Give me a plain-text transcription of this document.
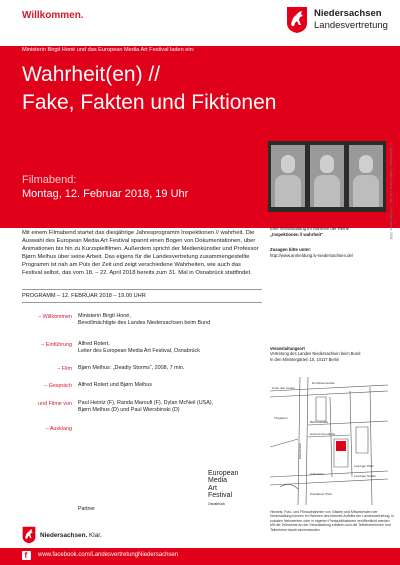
Willkommen.	Niedersachsen
Landesvertretung
Ministerin Birgit Honé und das European Media Art Festival laden ein:
Wahrheit(en) //
Fake, Fakten und Fiktionen
Filmabend:
Montag, 12. Februar 2018, 19 Uhr	© Bjørn Melhus: Deadly Storms, Film still, © Presse Melhus, 2008
Mit einem Filmabend startet das diesjährige Jahresprogramm Inspektionen // wahrheit. Die Auswahl des European Media Art Festival spannt einen Bogen von Dokumentationen, über Animationen bis hin zu Kurzspielfilmen. Außerdem spricht der Medienkünstler und Professor Bjørn Melhus über seine Arbeit. Das eigens für die Landesvertretung zusammengestellte Programm ist nah am Puls der Zeit und zeigt verschiedene Wahrheiten, wie auch das Festival selbst, das vom 18. – 22. April 2018 bereits zum 31. Mal in Osnabrück stattfindet.
PROGRAMM – 12. FEBRUAR 2018 – 19.00 UHR
– Willkommen Ministerin Birgit Honé,
Bevollmächtigte des Landes Niedersachsen beim Bund
– Einführung Alfred Rotert,
Leiter des European Media Art Festival, Osnabrück
– Film Bjørn Melhus: „Deadly Storms“, 2008, 7 min.
– Gespräch Alfred Rotert und Bjørn Melhus
und Filme von Paul Heintz (F), Randa Maroufi (F), Dylan McNeil (USA),
Bjørn Melhus (D) und Paul Wiersbinski (D)
– Ausklang
Eine Veranstaltung im Rahmen der Reihe
„Inspektionen // wahrheit“
Zusagen bitte unter:
http://www.anmeldung.lv-niedersachsen.de/
Veranstaltungsort
Vertretung des Landes Niedersachsen beim Bund
In den Ministergärten 10, 10117 Berlin
Dorotheenstraße
Unter den Linden
Tiergarten
Behrenstraße
Hannah-Arendt-Str.
Leipziger Platz
Leipziger Straße
Potsdamer Platz
Ebertstraße
Voßstraße
Hinweis: Foto- und Filmaufnahmen von Gästen und Mitwirkenden der Veranstaltung können im Rahmen des Internet-Auftritts der Landesvertretung, in sozialen Netzwerken oder in eigenen Printpublikationen veröffentlicht werden. Mit der Teilnahme an der Veranstaltung erklären sich die Teilnehmerinnen und Teilnehmer damit einverstanden.
European
Media
Art
Festival
Osnabrück
Partner
Niedersachsen. Klar.
f www.facebook.com/LandesvertretungNiedersachsen
